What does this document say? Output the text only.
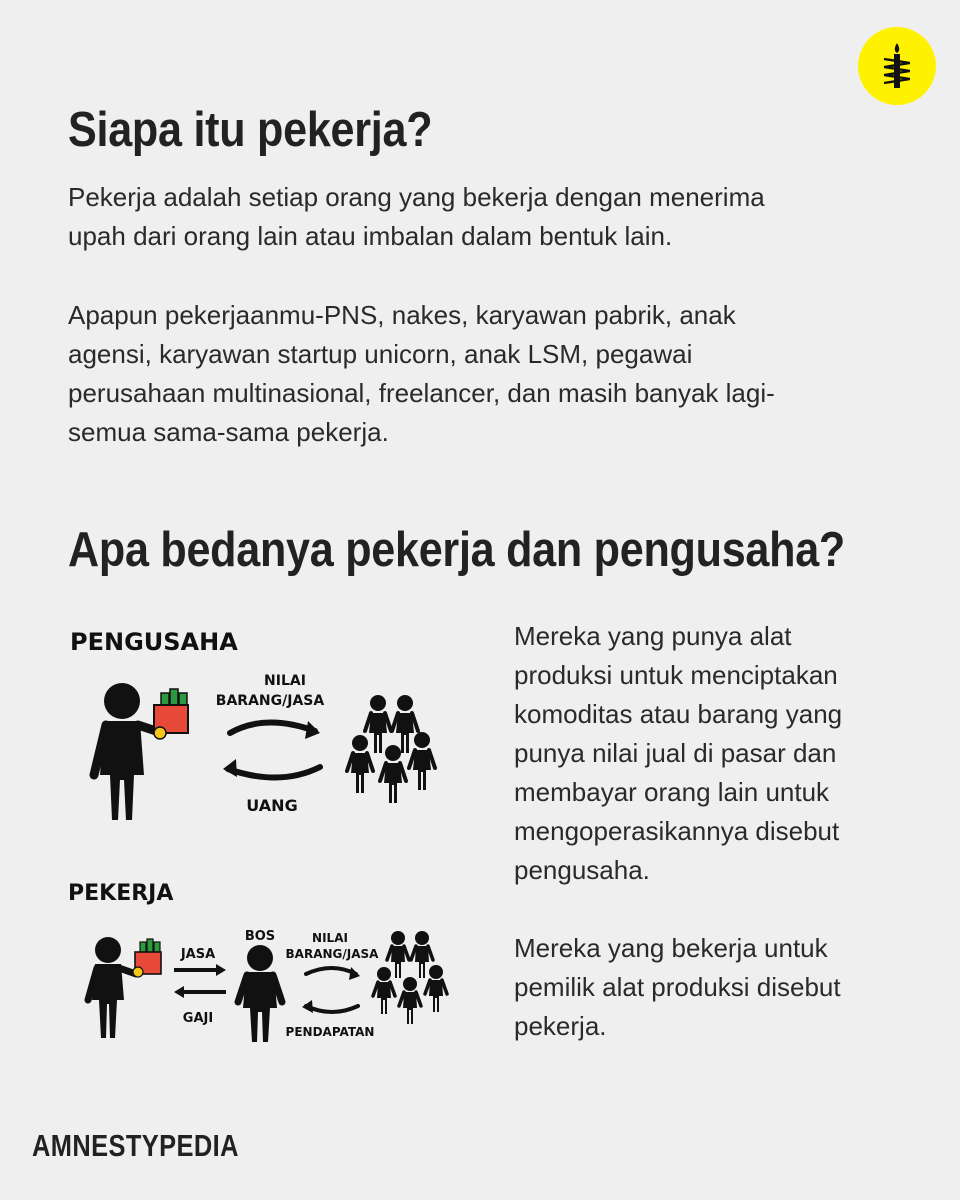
Siapa itu pekerja?

Pekerja adalah setiap orang yang bekerja dengan menerima
upah dari orang lain atau imbalan dalam bentuk lain.

Apapun pekerjaanmu-PNS, nakes, karyawan pabrik, anak
agensi, karyawan startup unicorn, anak LSM, pegawai
perusahaan multinasional, freelancer, dan masih banyak lagi-
semua sama-sama pekerja.

Apa bedanya pekerja dan pengusaha?
PENGUSAHA
NILAI
BARANG/JASA
UANG
PEKERJA
JASA
GAJI
BOS	NILAI
BARANG/JASA
PENDAPATAN

Mereka yang punya alat
produksi untuk menciptakan
komoditas atau barang yang
punya nilai jual di pasar dan
membayar orang lain untuk
mengoperasikannya disebut
pengusaha.

Mereka yang bekerja untuk
pemilik alat produksi disebut
pekerja.

AMNESTYPEDIA
